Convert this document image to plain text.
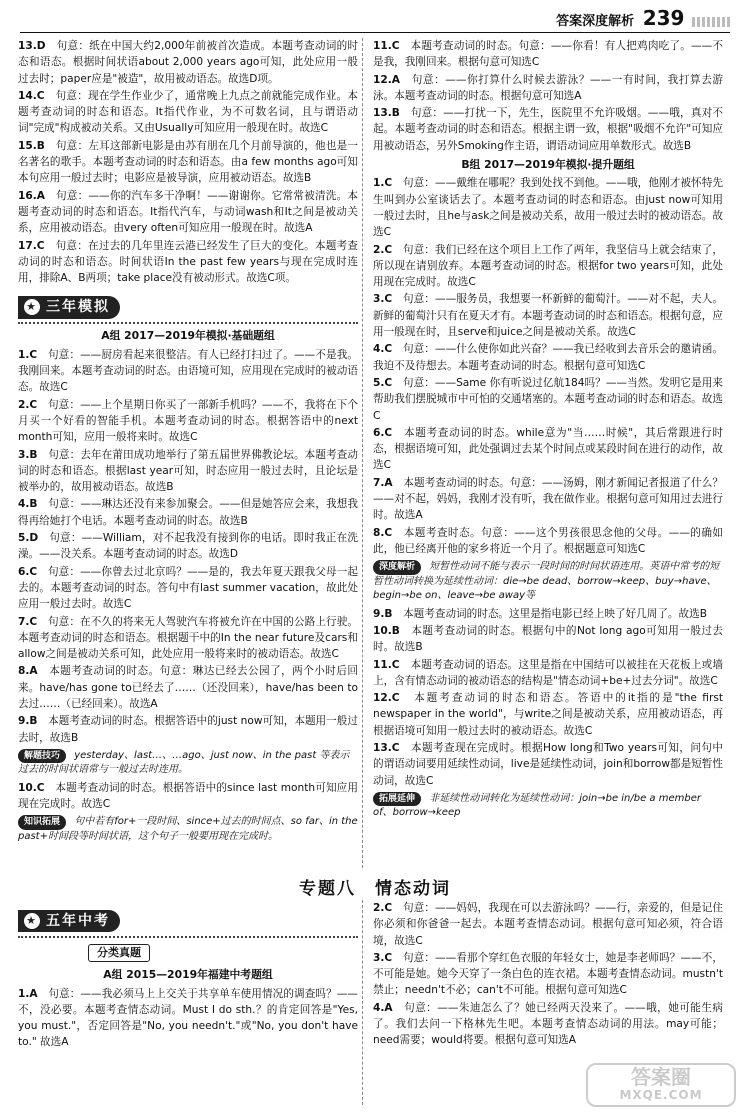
答案深度解析 239
13.D　句意：纸在中国大约2,000年前被首次造成。本题考查动词的时态和语态。根据时间状语about 2,000 years ago可知，此处应用一般过去时；paper应是"被造"，故用被动语态。故选D项。
14.C　句意：现在学生作业少了，通常晚上九点之前就能完成作业。本题考查动词的时态和语态。It指代作业，为不可数名词，且与谓语动词"完成"构成被动关系。又由Usually可知应用一般现在时。故选C
15.B　句意：左耳这部新电影是由苏有朋在几个月前导演的，他也是一名著名的歌手。本题考查动词的时态和语态。由a few months ago可知本句应用一般过去时；电影应是被导演，应用被动语态。故选B
16.A　句意：——你的汽车多干净啊！——谢谢你。它常常被清洗。本题考查动词的时态和语态。It指代汽车，与动词wash和It之间是被动关系，应用被动语态。由very often可知应用一般现在时。故选A
17.C　句意：在过去的几年里连云港已经发生了巨大的变化。本题考查动词的时态和语态。时间状语In the past few years与现在完成时连用，排除A、B两项；take place没有被动形式。故选C项。
★ 三年模拟
A组 2017—2019年模拟·基础题组
1.C　句意：——厨房看起来很整洁。有人已经打扫过了。——不是我。我刚回来。本题考查动词的时态。由语境可知，应用现在完成时的被动语态。故选C
2.C　句意：——上个星期日你买了一部新手机吗？——不，我将在下个月买一个好看的智能手机。本题考查动词的时态。根据答语中的next month可知，应用一般将来时。故选C
3.B　句意：去年在莆田成功地举行了第五届世界佛教论坛。本题考查动词的时态和语态。根据last year可知，时态应用一般过去时，且论坛是被举办的，故用被动语态。故选B
4.B　句意：——琳达还没有来参加聚会。——但是她答应会来，我想我得再给她打个电话。本题考查动词的时态。故选B
5.D　句意：——William，对不起我没有接到你的电话。即时我正在洗澡。——没关系。本题考查动词的时态。故选D
6.C　句意：——你曾去过北京吗？——是的，我去年夏天跟我父母一起去的。本题考查动词的时态。答句中有last summer vacation，故此处应用一般过去时。故选C
7.C　句意：在不久的将来无人驾驶汽车将被允许在中国的公路上行驶。本题考查动词的时态和语态。根据题干中的In the near future及cars和allow之间是被动关系可知，此处应用一般将来时的被动语态。故选C
8.A　本题考查动词的时态。句意：琳达已经去公园了，两个小时后回来。have/has gone to已经去了……（还没回来），have/has been to去过……（已经回来）。故选A
9.B　本题考查动词的时态。根据答语中的just now可知，本题用一般过去时，故选B
解题技巧 yesterday、last…、…ago、just now、in the past 等表示过去的时间状语常与一般过去时连用。
10.C　本题考查动词的时态。根据答语中的since last month可知应用现在完成时。故选C
知识拓展 句中若有for+一段时间、since+过去的时间点、so far、in the past+时间段等时间状语，这个句子一般要用现在完成时。
11.C　本题考查动词的时态。句意：——你看！有人把鸡肉吃了。——不是我，我刚回来。根据句意可知选C
12.A　句意：——你打算什么时候去游泳？——一有时间，我打算去游泳。本题考查动词的时态。根据句意可知选A
13.B　句意：——打扰一下，先生，医院里不允许吸烟。——哦，真对不起。本题考查动词的时态和语态。根据主谓一致，根据"吸烟不允许"可知应用被动语态，另外Smoking作主语，谓语动词应用单数形式。故选B
B组 2017—2019年模拟·提升题组
1.C　句意：——戴维在哪呢？我到处找不到他。——哦，他刚才被怀特先生叫到办公室谈话去了。本题考查动词的时态和语态。由just now可知用一般过去时，且he与ask之间是被动关系，故用一般过去时的被动语态。故选C
2.C　句意：我们已经在这个项目上工作了两年，我坚信马上就会结束了，所以现在请别放弃。本题考查动词的时态。根据for two years可知，此处用现在完成时。故选C
3.C　句意：——服务员，我想要一杯新鲜的葡萄汁。——对不起，夫人。新鲜的葡萄汁只有在夏天才有。本题考查动词的时态和语态。根据句意，应用一般现在时，且serve和juice之间是被动关系。故选C
4.C　句意：——什么使你如此兴奋？——我已经收到去音乐会的邀请函。我迫不及待想去。本题考查动词的时态。根据句意可知选C
5.C　句意：——Same 你有听说过亿航184吗？——当然。发明它是用来帮助我们摆脱城市中可怕的交通堵塞的。本题考查动词的时态和语态。故选C
6.C　本题考查动词的时态。while意为"当……时候"，其后常跟进行时态，根据语境可知，此处强调过去某个时间点或某段时间在进行的动作，故选C
7.A　本题考查动词的时态。句意：——汤姆，刚才新闻记者报道了什么？——对不起，妈妈，我刚才没有听，我在做作业。根据句意可知用过去进行时。故选A
8.C　本题考查时态。句意：——这个男孩很思念他的父母。——的确如此，他已经离开他的家乡将近一个月了。根据题意可知选C
深度解析 短暂性动词不能与表示一段时间的时间状语连用。英语中常考的短暂性动词转换为延续性动词：die→be dead、borrow→keep、buy→have、begin→be on、leave→be away等
9.B　本题考查动词的时态。这里是指电影已经上映了好几周了。故选B
10.B　本题考查动词的时态。根据句中的Not long ago可知用一般过去时。故选B
11.C　本题考查动词的语态。这里是指在中国结可以被挂在天花板上或墙上，含有情态动词的被动语态的结构是"情态动词+be+过去分词"。故选C
12.C　本题考查动词的时态和语态。答语中的it指的是"the first newspaper in the world"，与write之间是被动关系，应用被动语态，再根据语境可知用一般过去时的被动语态。故选C
13.C　本题考查现在完成时。根据How long和Two years可知，问句中的谓语动词要用延续性动词，live是延续性动词，join和borrow都是短暂性动词，故选C
拓展延伸 非延续性动词转化为延续性动词：join→be in/be a member of、borrow→keep
专题八　情态动词
★ 五年中考
分类真题
A组 2015—2019年福建中考题组
1.A　句意：——我必须马上上交关于共享单车使用情况的调查吗？——不，没必要。本题考查情态动词。Must I do sth.？的肯定回答是"Yes, you must."，否定回答是"No, you needn't."或"No, you don't have to." 故选A
2.C　句意：——妈妈，我现在可以去游泳吗？——行，亲爱的，但是记住你必须和你爸爸一起去。本题考查情态动词。根据句意可知必须，符合语境，故选C
3.C　句意：——看那个穿红色衣服的年轻女士，她是李老师吗？——不，不可能是她。她今天穿了一条白色的连衣裙。本题考查情态动词。mustn't禁止；needn't不必；can't不可能。根据句意可知选C
4.A　句意：——朱迪怎么了？她已经两天没来了。——哦，她可能生病了。我们去问一下格林先生吧。本题考查情态动词的用法。may可能；need需要；would将要。根据句意可知选A
答案圈
MXQE.COM
